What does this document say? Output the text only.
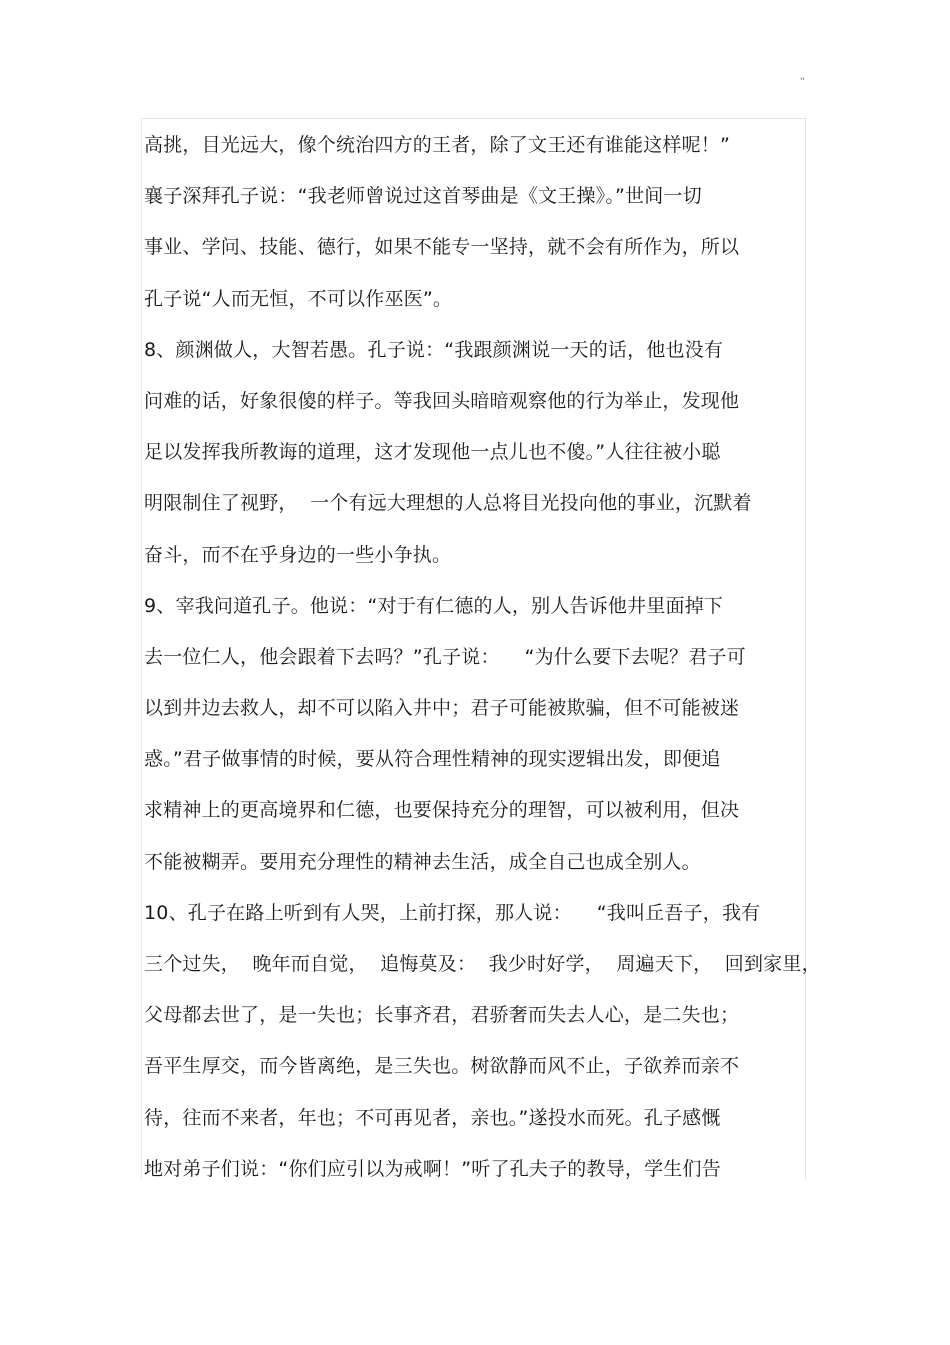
''
高挑，目光远大，像个统治四方的王者，除了文王还有谁能这样呢！”
襄子深拜孔子说：“我老师曾说过这首琴曲是《文王操》。”世间一切
事业、学问、技能、德行，如果不能专一坚持，就不会有所作为，所以
孔子说“人而无恒，不可以作巫医”。
8、颜渊做人，大智若愚。孔子说：“我跟颜渊说一天的话，他也没有
问难的话，好象很傻的样子。等我回头暗暗观察他的行为举止，发现他
足以发挥我所教诲的道理，这才发现他一点儿也不傻。”人往往被小聪
明限制住了视野，  一个有远大理想的人总将目光投向他的事业，沉默着
奋斗，而不在乎身边的一些小争执。
9、宰我问道孔子。他说：“对于有仁德的人，别人告诉他井里面掉下
去一位仁人，他会跟着下去吗？”孔子说：    “为什么要下去呢？君子可
以到井边去救人，却不可以陷入井中；君子可能被欺骗，但不可能被迷
惑。”君子做事情的时候，要从符合理性精神的现实逻辑出发，即便追
求精神上的更高境界和仁德，也要保持充分的理智，可以被利用，但决
不能被糊弄。要用充分理性的精神去生活，成全自己也成全别人。
10、孔子在路上听到有人哭，上前打探，那人说：    “我叫丘吾子，我有
三个过失，  晚年而自觉，  追悔莫及：  我少时好学，  周遍天下，  回到家里，
父母都去世了，是一失也；长事齐君，君骄奢而失去人心，是二失也；
吾平生厚交，而今皆离绝，是三失也。树欲静而风不止，子欲养而亲不
待，往而不来者，年也；不可再见者，亲也。”遂投水而死。孔子感慨
地对弟子们说：“你们应引以为戒啊！”听了孔夫子的教导，学生们告
